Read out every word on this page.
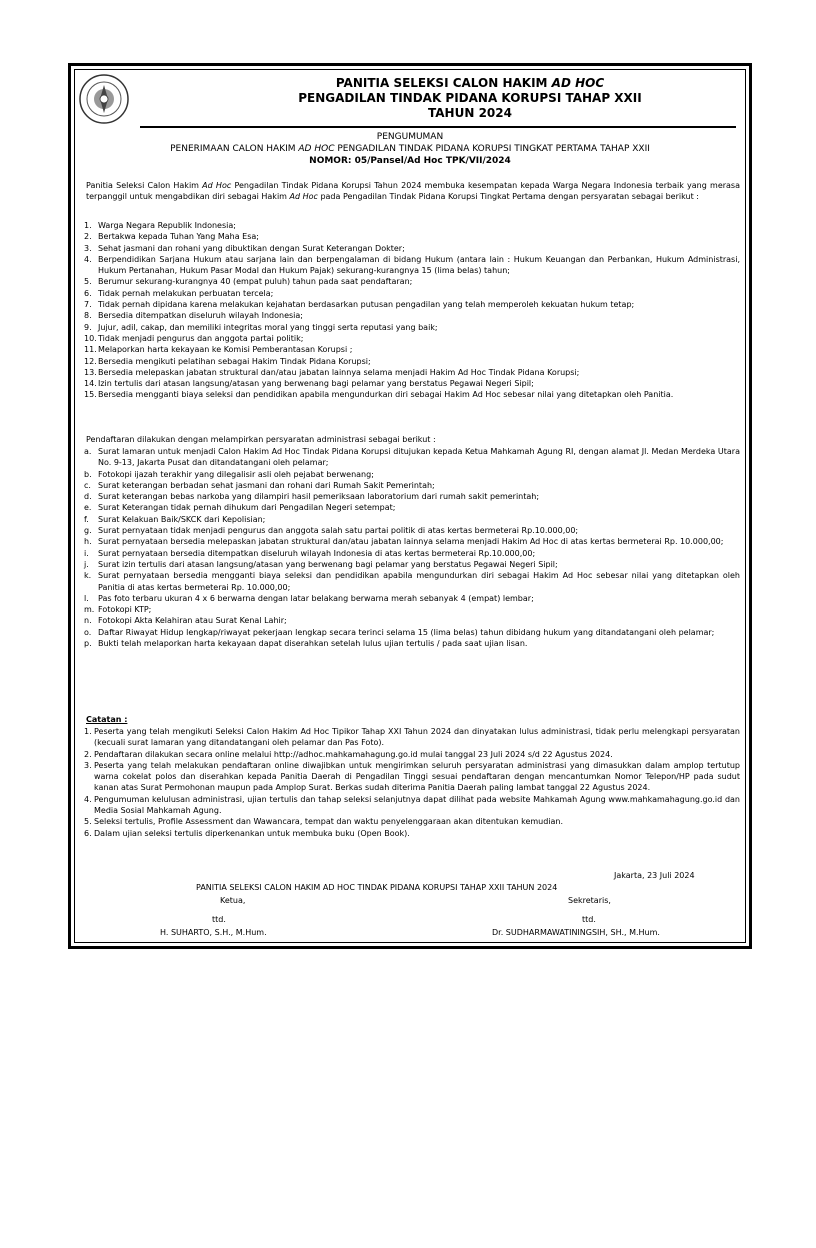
PANITIA SELEKSI CALON HAKIM AD HOC
PENGADILAN TINDAK PIDANA KORUPSI TAHAP XXII
TAHUN 2024
PENGUMUMAN
PENERIMAAN CALON HAKIM AD HOC PENGADILAN TINDAK PIDANA KORUPSI TINGKAT PERTAMA TAHAP XXII
NOMOR: 05/Pansel/Ad Hoc TPK/VII/2024
Panitia Seleksi Calon Hakim Ad Hoc Pengadilan Tindak Pidana Korupsi Tahun 2024 membuka kesempatan kepada Warga Negara Indonesia terbaik yang merasa terpanggil untuk mengabdikan diri sebagai Hakim Ad Hoc pada Pengadilan Tindak Pidana Korupsi Tingkat Pertama dengan persyaratan sebagai berikut :
1. Warga Negara Republik Indonesia;
2. Bertakwa kepada Tuhan Yang Maha Esa;
3. Sehat jasmani dan rohani yang dibuktikan dengan Surat Keterangan Dokter;
4. Berpendidikan Sarjana Hukum atau sarjana lain dan berpengalaman di bidang Hukum (antara lain : Hukum Keuangan dan Perbankan, Hukum Administrasi, Hukum Pertanahan, Hukum Pasar Modal dan Hukum Pajak) sekurang-kurangnya 15 (lima belas) tahun;
5. Berumur sekurang-kurangnya 40 (empat puluh) tahun pada saat pendaftaran;
6. Tidak pernah melakukan perbuatan tercela;
7. Tidak pernah dipidana karena melakukan kejahatan berdasarkan putusan pengadilan yang telah memperoleh kekuatan hukum tetap;
8. Bersedia ditempatkan diseluruh wilayah Indonesia;
9. Jujur, adil, cakap, dan memiliki integritas moral yang tinggi serta reputasi yang baik;
10. Tidak menjadi pengurus dan anggota partai politik;
11. Melaporkan harta kekayaan ke Komisi Pemberantasan Korupsi ;
12. Bersedia mengikuti pelatihan sebagai Hakim Tindak Pidana Korupsi;
13. Bersedia melepaskan jabatan struktural dan/atau jabatan lainnya selama menjadi Hakim Ad Hoc Tindak Pidana Korupsi;
14. Izin tertulis dari atasan langsung/atasan yang berwenang bagi pelamar yang berstatus Pegawai Negeri Sipil;
15. Bersedia mengganti biaya seleksi dan pendidikan apabila mengundurkan diri sebagai Hakim Ad Hoc sebesar nilai yang ditetapkan oleh Panitia.
Pendaftaran dilakukan dengan melampirkan persyaratan administrasi sebagai berikut :
a. Surat lamaran untuk menjadi Calon Hakim Ad Hoc Tindak Pidana Korupsi ditujukan kepada Ketua Mahkamah Agung RI, dengan alamat Jl. Medan Merdeka Utara No. 9-13, Jakarta Pusat dan ditandatangani oleh pelamar;
b. Fotokopi ijazah terakhir yang dilegalisir asli oleh pejabat berwenang;
c. Surat keterangan berbadan sehat jasmani dan rohani dari Rumah Sakit Pemerintah;
d. Surat keterangan bebas narkoba yang dilampiri hasil pemeriksaan laboratorium dari rumah sakit pemerintah;
e. Surat Keterangan tidak pernah dihukum dari Pengadilan Negeri setempat;
f.	Surat Kelakuan Baik/SKCK dari Kepolisian;
g. Surat pernyataan tidak menjadi pengurus dan anggota salah satu partai politik di atas kertas bermeterai Rp.10.000,00;
h. Surat pernyataan bersedia melepaskan jabatan struktural dan/atau jabatan lainnya selama menjadi Hakim Ad Hoc di atas kertas bermeterai Rp. 10.000,00;
i.	Surat pernyataan bersedia ditempatkan diseluruh wilayah Indonesia di atas kertas bermeterai Rp.10.000,00;
j.	Surat izin tertulis dari atasan langsung/atasan yang berwenang bagi pelamar yang berstatus Pegawai Negeri Sipil;
k. Surat pernyataan bersedia mengganti biaya seleksi dan pendidikan apabila mengundurkan diri sebagai Hakim Ad Hoc sebesar nilai yang ditetapkan oleh Panitia di atas kertas bermeterai Rp. 10.000,00;
l.	Pas foto terbaru ukuran 4 x 6 berwarna dengan latar belakang berwarna merah sebanyak 4 (empat) lembar;
m. Fotokopi KTP;
n. Fotokopi Akta Kelahiran atau Surat Kenal Lahir;
o. Daftar Riwayat Hidup lengkap/riwayat pekerjaan lengkap secara terinci selama 15 (lima belas) tahun dibidang hukum yang ditandatangani oleh pelamar;
p. Bukti telah melaporkan harta kekayaan dapat diserahkan setelah lulus ujian tertulis / pada saat ujian lisan.
Catatan :
1. Peserta yang telah mengikuti Seleksi Calon Hakim Ad Hoc Tipikor Tahap XXI Tahun 2024 dan dinyatakan lulus administrasi, tidak perlu melengkapi persyaratan (kecuali surat lamaran yang ditandatangani oleh pelamar dan Pas Foto).
2. Pendaftaran dilakukan secara online melalui http://adhoc.mahkamahagung.go.id mulai tanggal 23 Juli 2024 s/d 22 Agustus 2024.
3. Peserta yang telah melakukan pendaftaran online diwajibkan untuk mengirimkan seluruh persyaratan administrasi yang dimasukkan dalam amplop tertutup warna cokelat polos dan diserahkan kepada Panitia Daerah di Pengadilan Tinggi sesuai pendaftaran dengan mencantumkan Nomor Telepon/HP pada sudut kanan atas Surat Permohonan maupun pada Amplop Surat. Berkas sudah diterima Panitia Daerah paling lambat tanggal 22 Agustus 2024.
4. Pengumuman kelulusan administrasi, ujian tertulis dan tahap seleksi selanjutnya dapat dilihat pada website Mahkamah Agung www.mahkamahagung.go.id dan Media Sosial Mahkamah Agung.
5. Seleksi tertulis, Profile Assessment dan Wawancara, tempat dan waktu penyelenggaraan akan ditentukan kemudian.
6. Dalam ujian seleksi tertulis diperkenankan untuk membuka buku (Open Book).
Jakarta, 23 Juli 2024
PANITIA SELEKSI CALON HAKIM AD HOC TINDAK PIDANA KORUPSI TAHAP XXII TAHUN 2024
Ketua,	Sekretaris,
ttd.	ttd.
H. SUHARTO, S.H., M.Hum.	Dr. SUDHARMAWATININGSIH, SH., M.Hum.
